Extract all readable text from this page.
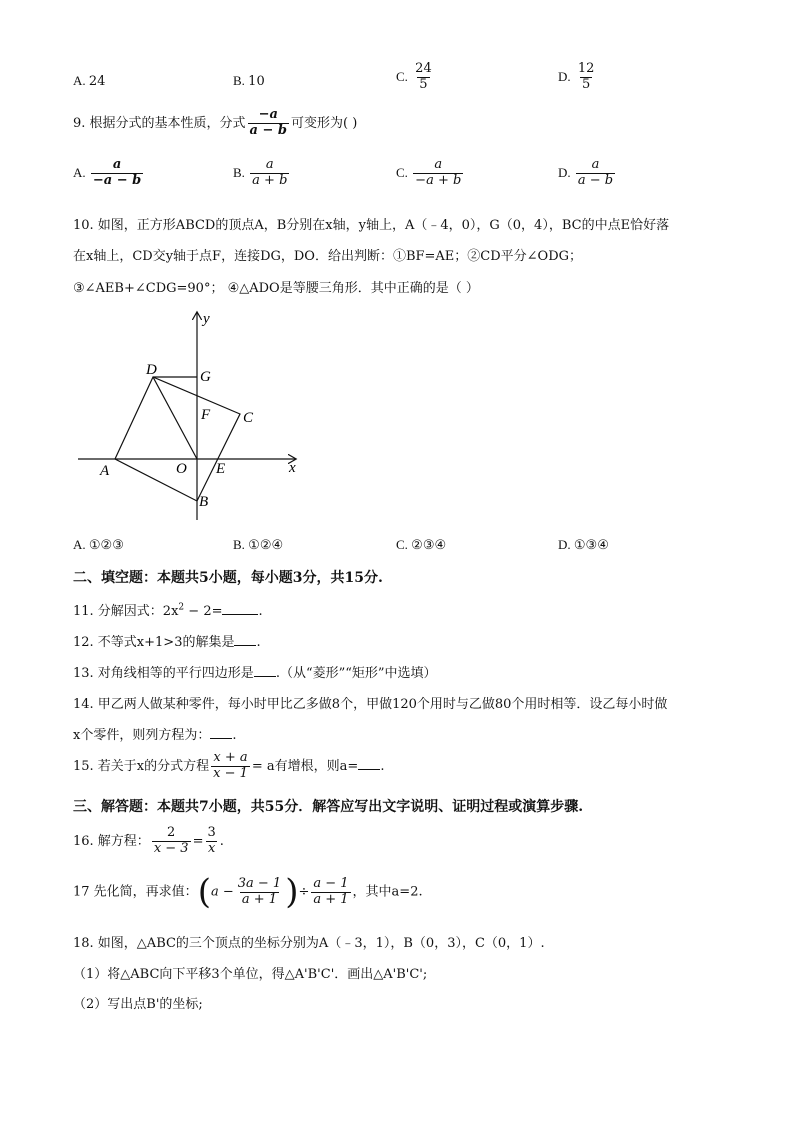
A. 24	B. 10	C. $\frac{24}{5}$	D. $\frac{12}{5}$
9. 根据分式的基本性质，分式 $\frac{-a}{a - b}$ 可变形为( )
A. $\frac{a}{-a - b}$	B. $\frac{a}{a + b}$	C. $\frac{a}{-a + b}$	D. $\frac{a}{a - b}$
10. 如图，正方形ABCD的顶点A，B分别在x轴，y轴上，A（﹣4，0），G（0，4），BC的中点E恰好落
在x轴上，CD交y轴于点F，连接DG，DO．给出判断：①BF=AE；②CD平分∠ODG；
③∠AEB+∠CDG=90°； ④△ADO是等腰三角形．其中正确的是（ ）
y
D	G
F C
A	O E	x
B
A. ①②③	B. ①②④	C. ②③④	D. ①③④
二、填空题：本题共5小题，每小题3分，共15分.
11. 分解因式：$2x^2 - 2=$	.
12. 不等式x+1>3的解集是 .
13. 对角线相等的平行四边形是 .（从“菱形”“矩形”中选填）
14. 甲乙两人做某种零件，每小时甲比乙多做8个，甲做120个用时与乙做80个用时相等．设乙每小时做
x个零件，则列方程为： .
15. 若关于x的分式方程 $\frac{x + a}{x - 1} = a$有增根，则a= .
三、解答题：本题共7小题，共55分．解答应写出文字说明、证明过程或演算步骤.
16. 解方程： $\frac{2}{x - 3} = \frac{3}{x}$ .
17 先化简，再求值：($a - \frac{3a - 1}{a + 1}$ )÷ $\frac{a - 1}{a + 1}$ ，其中a=2.
18. 如图，△ABC的三个顶点的坐标分别为A（﹣3，1），B（0，3），C（0，1）.
（1）将△ABC向下平移3个单位，得△A'B'C'．画出△A'B'C';
（2）写出点B'的坐标;
